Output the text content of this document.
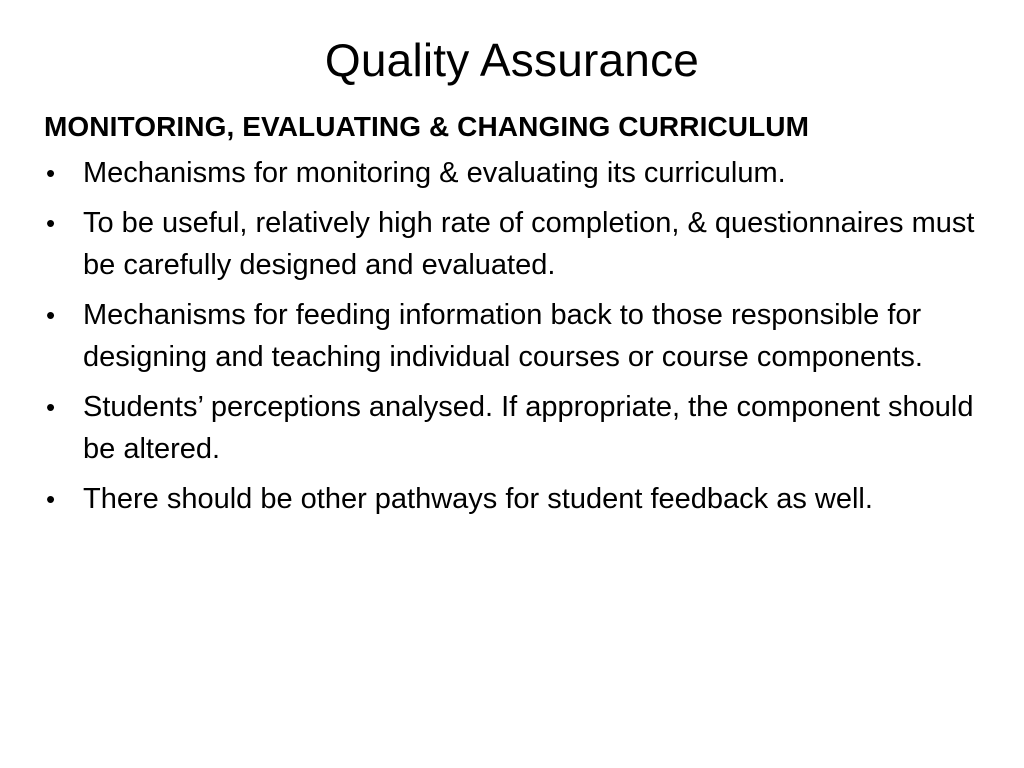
Quality Assurance
MONITORING, EVALUATING & CHANGING CURRICULUM
• Mechanisms for monitoring & evaluating its curriculum.
• To be useful, relatively high rate of completion, & questionnaires must be carefully designed and evaluated.
• Mechanisms for feeding information back to those responsible for designing and teaching individual courses or course components.
• Students’ perceptions analysed. If appropriate, the component should be altered.
• There should be other pathways for student feedback as well.
